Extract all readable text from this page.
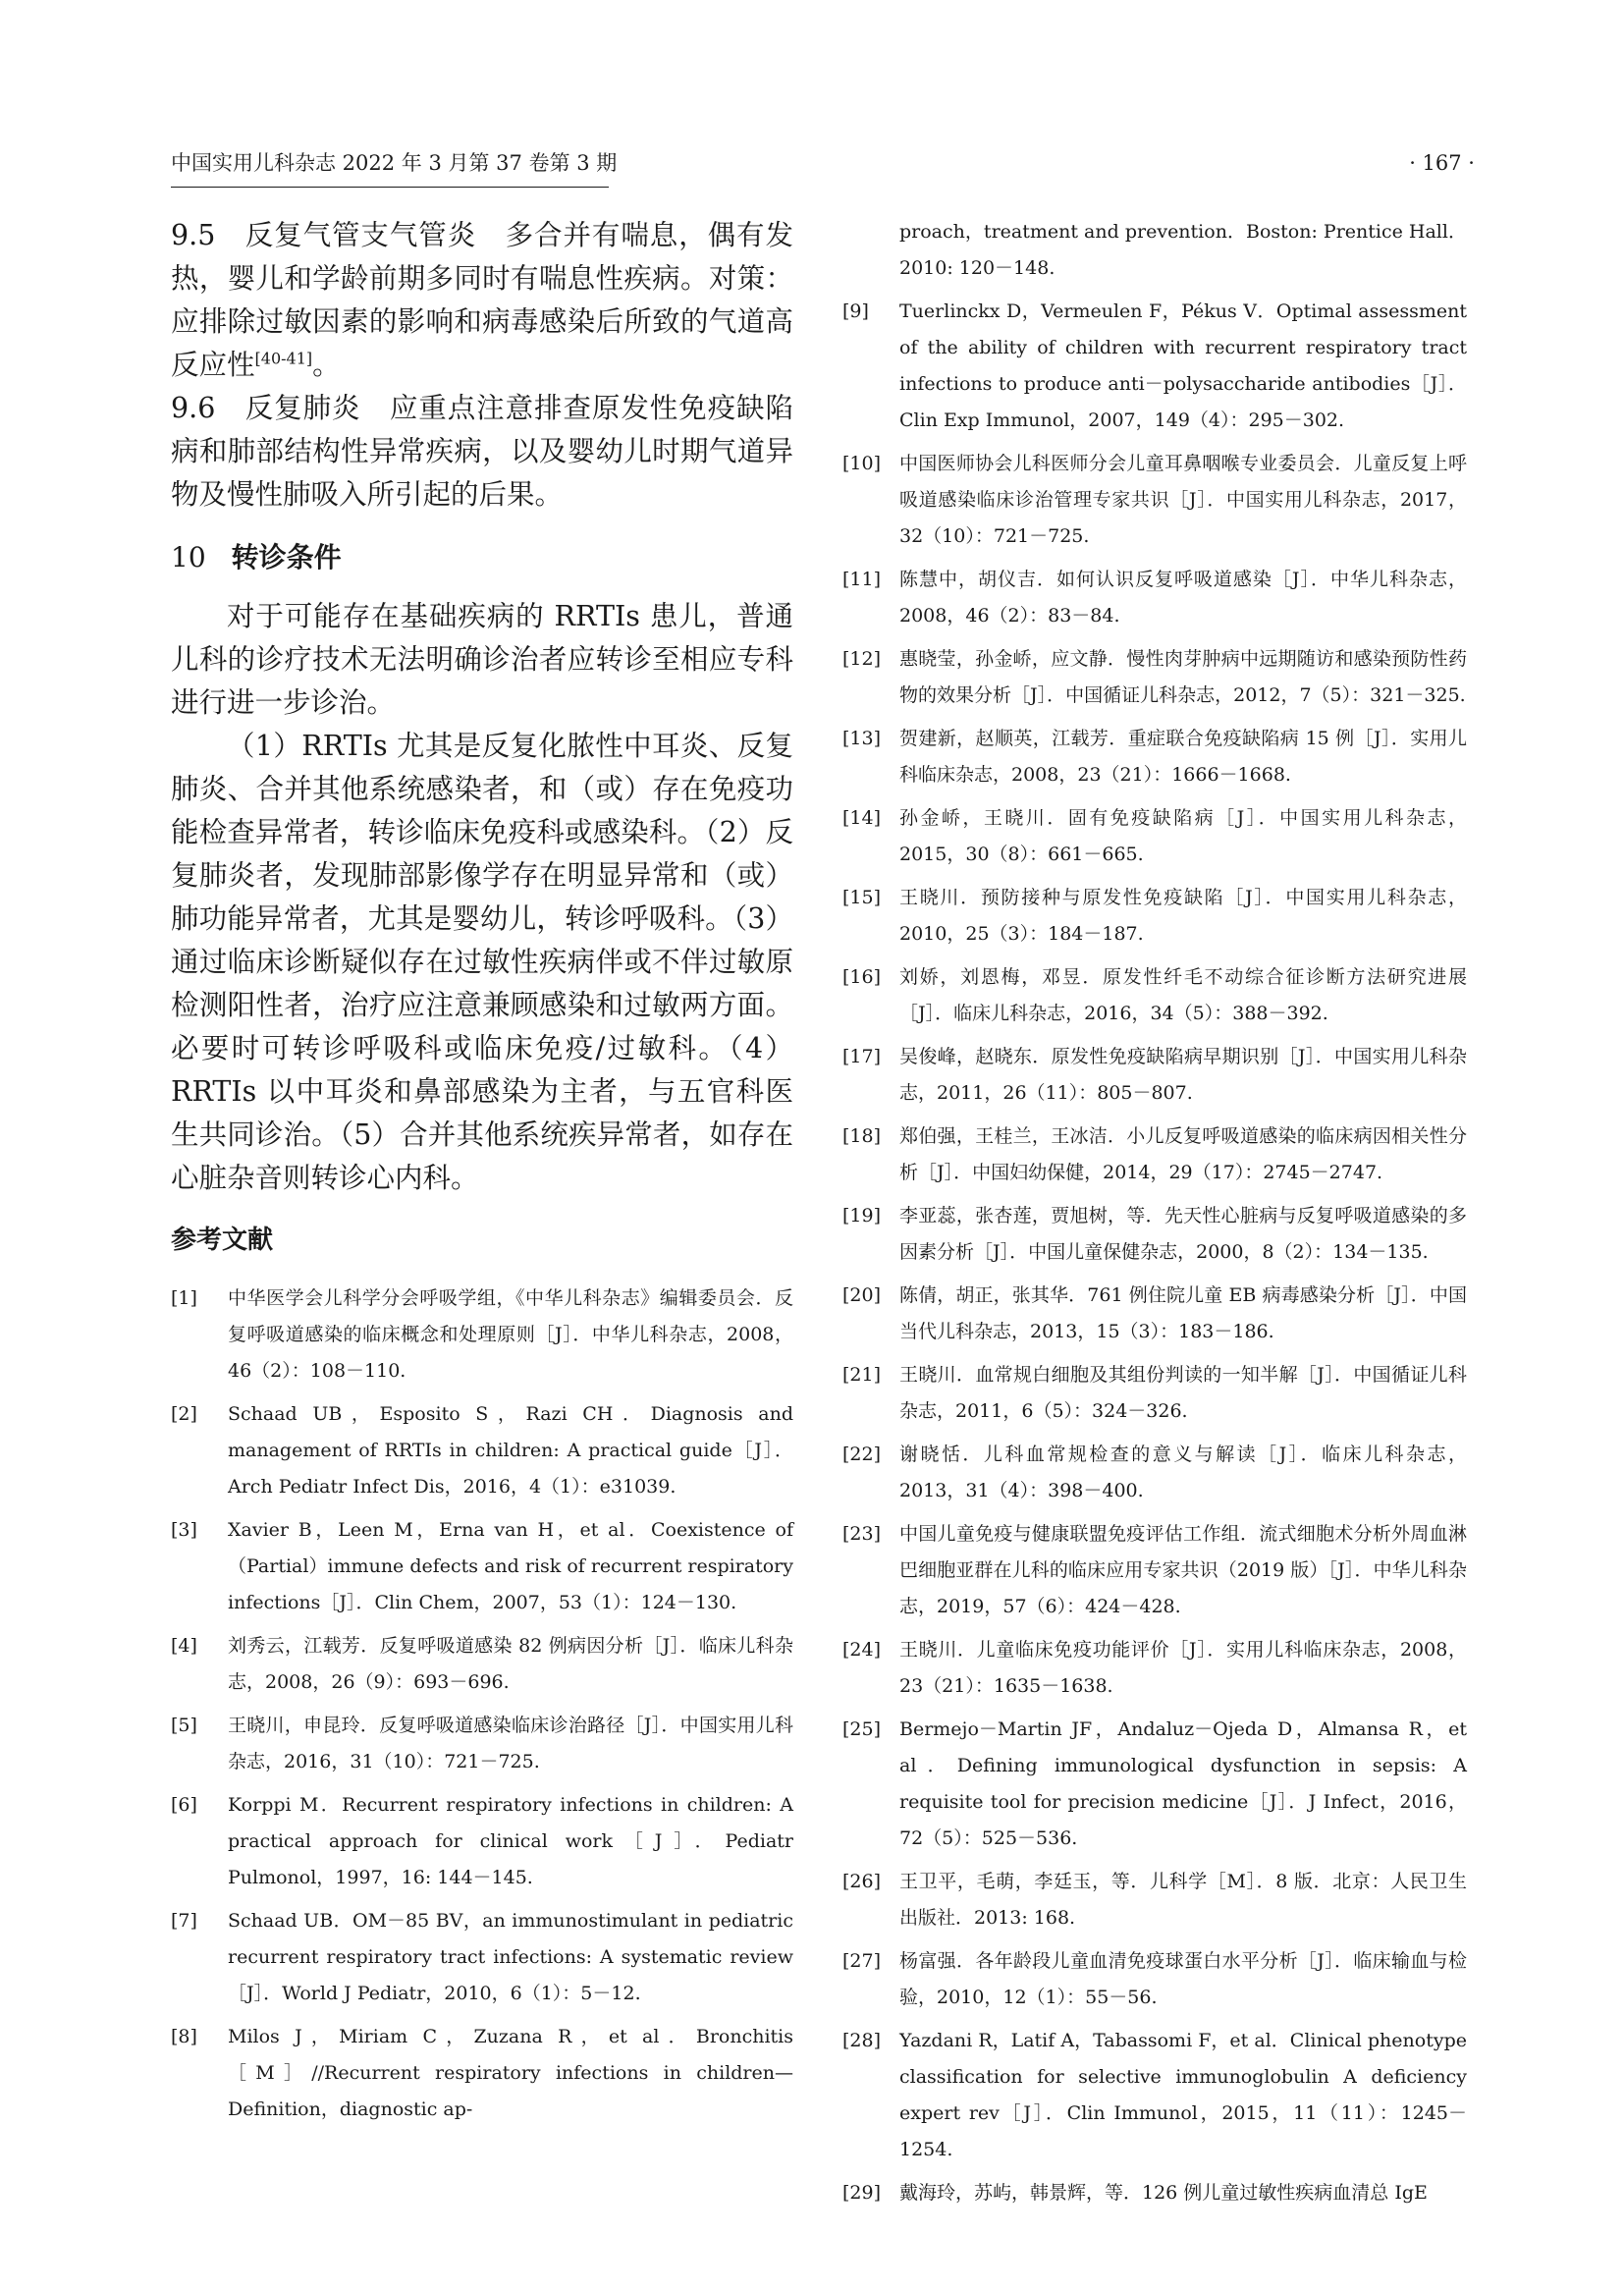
中国实用儿科杂志 2022 年 3 月第 37 卷第 3 期	· 167 ·

9.5　 反复气管支气管炎　 多合并有喘息，偶有发热，婴儿和学龄前期多同时有喘息性疾病。对策：应排除过敏因素的影响和病毒感染后所致的气道高反应性[40-41]。

9.6　 反复肺炎　 应重点注意排查原发性免疫缺陷病和肺部结构性异常疾病，以及婴幼儿时期气道异物及慢性肺吸入所引起的后果。

10 转诊条件

对于可能存在基础疾病的 RRTIs 患儿，普通儿科的诊疗技术无法明确诊治者应转诊至相应专科进行进一步诊治。

（1）RRTIs 尤其是反复化脓性中耳炎、反复肺炎、合并其他系统感染者，和（或）存在免疫功能检查异常者，转诊临床免疫科或感染科。（2）反复肺炎者，发现肺部影像学存在明显异常和（或）肺功能异常者，尤其是婴幼儿，转诊呼吸科。（3）通过临床诊断疑似存在过敏性疾病伴或不伴过敏原检测阳性者，治疗应注意兼顾感染和过敏两方面。必要时可转诊呼吸科或临床免疫/过敏科。（4）RRTIs 以中耳炎和鼻部感染为主者，与五官科医生共同诊治。（5）合并其他系统疾异常者，如存在心脏杂音则转诊心内科。

参考文献
[1]	中华医学会儿科学分会呼吸学组，《中华儿科杂志》编辑委员会．反复呼吸道感染的临床概念和处理原则［J］．中华儿科杂志，2008，46（2）：108－110.
[2]	Schaad UB，Esposito S，Razi CH．Diagnosis and management of RRTIs in children: A practical guide［J］．Arch Pediatr Infect Dis，2016，4（1）：e31039.
[3]	Xavier B，Leen M，Erna van H，et al．Coexistence of（Partial）immune defects and risk of recurrent respiratory infections［J］．Clin Chem，2007，53（1）：124－130.
[4]	刘秀云，江载芳．反复呼吸道感染 82 例病因分析［J］．临床儿科杂志，2008，26（9）：693－696.
[5]	王晓川，申昆玲．反复呼吸道感染临床诊治路径［J］．中国实用儿科杂志，2016，31（10）：721－725.
[6]	Korppi M．Recurrent respiratory infections in children: A practical approach for clinical work［J］．Pediatr Pulmonol，1997，16: 144－145.
[7]	Schaad UB．OM－85 BV，an immunostimulant in pediatric recurrent respiratory tract infections: A systematic review［J］．World J Pediatr，2010，6（1）：5－12.
[8]	Milos J，Miriam C，Zuzana R，et al．Bronchitis［M］//Recurrent respiratory infections in children—Definition，diagnostic ap-
proach，treatment and prevention．Boston: Prentice Hall．2010: 120－148.
[9]	Tuerlinckx D，Vermeulen F，Pékus V．Optimal assessment of the ability of children with recurrent respiratory tract infections to produce anti－polysaccharide antibodies［J］．Clin Exp Immunol，2007，149（4）：295－302.
[10] 中国医师协会儿科医师分会儿童耳鼻咽喉专业委员会．儿童反复上呼吸道感染临床诊治管理专家共识［J］．中国实用儿科杂志，2017，32（10）：721－725.
[11] 陈慧中，胡仪吉．如何认识反复呼吸道感染［J］．中华儿科杂志，2008，46（2）：83－84.
[12] 惠晓莹，孙金峤，应文静．慢性肉芽肿病中远期随访和感染预防性药物的效果分析［J］．中国循证儿科杂志，2012，7（5）：321－325.
[13] 贺建新，赵顺英，江载芳．重症联合免疫缺陷病 15 例［J］．实用儿科临床杂志，2008，23（21）：1666－1668.
[14] 孙金峤，王晓川．固有免疫缺陷病［J］．中国实用儿科杂志，2015，30（8）：661－665.
[15] 王晓川．预防接种与原发性免疫缺陷［J］．中国实用儿科杂志，2010，25（3）：184－187.
[16] 刘娇，刘恩梅，邓昱．原发性纤毛不动综合征诊断方法研究进展［J］．临床儿科杂志，2016，34（5）：388－392.
[17] 吴俊峰，赵晓东．原发性免疫缺陷病早期识别［J］．中国实用儿科杂志，2011，26（11）：805－807.
[18] 郑伯强，王桂兰，王冰洁．小儿反复呼吸道感染的临床病因相关性分析［J］．中国妇幼保健，2014，29（17）：2745－2747.
[19] 李亚蕊，张杏莲，贾旭树，等．先天性心脏病与反复呼吸道感染的多因素分析［J］．中国儿童保健杂志，2000，8（2）：134－135.
[20] 陈倩，胡正，张其华．761 例住院儿童 EB 病毒感染分析［J］．中国当代儿科杂志，2013，15（3）：183－186.
[21] 王晓川．血常规白细胞及其组份判读的一知半解［J］．中国循证儿科杂志，2011，6（5）：324－326.
[22] 谢晓恬．儿科血常规检查的意义与解读［J］．临床儿科杂志，2013，31（4）：398－400.
[23] 中国儿童免疫与健康联盟免疫评估工作组．流式细胞术分析外周血淋巴细胞亚群在儿科的临床应用专家共识（2019 版）［J］．中华儿科杂志，2019，57（6）：424－428.
[24] 王晓川．儿童临床免疫功能评价［J］．实用儿科临床杂志，2008，23（21）：1635－1638.
[25] Bermejo－Martin JF，Andaluz－Ojeda D，Almansa R，et al．Defining immunological dysfunction in sepsis: A requisite tool for precision medicine［J］．J Infect，2016，72（5）：525－536.
[26] 王卫平，毛萌，李廷玉，等．儿科学［M］．8 版．北京：人民卫生出版社．2013: 168.
[27] 杨富强．各年龄段儿童血清免疫球蛋白水平分析［J］．临床输血与检验，2010，12（1）：55－56.
[28] Yazdani R，Latif A，Tabassomi F，et al．Clinical phenotype classification for selective immunoglobulin A deficiency expert rev［J］．Clin Immunol，2015，11（11）：1245－1254.
[29] 戴海玲，苏屿，韩景辉，等．126 例儿童过敏性疾病血清总 IgE
